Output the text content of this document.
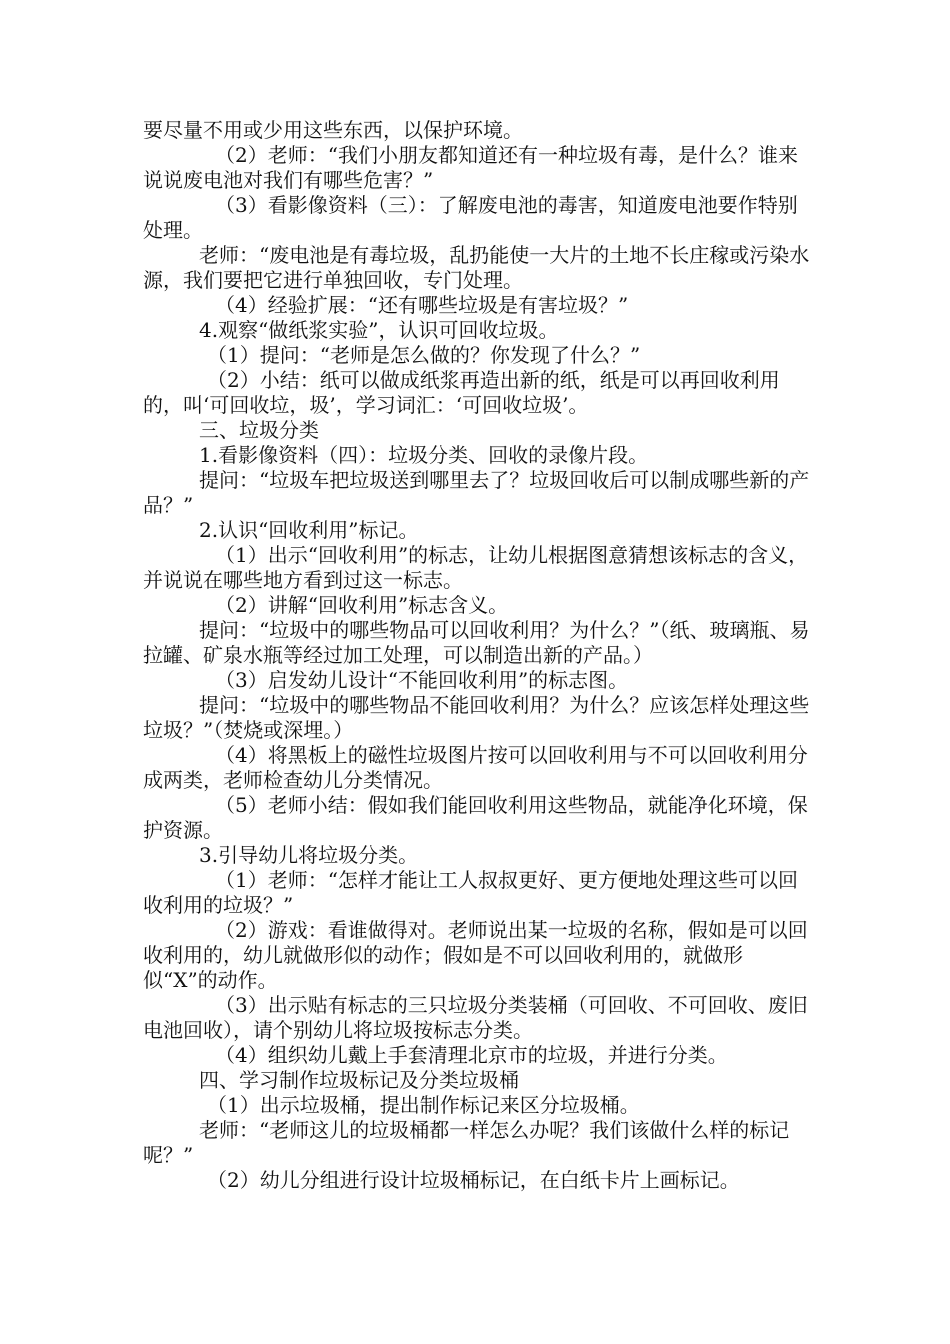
要尽量不用或少用这些东西，以保护环境。

（2）老师：“我们小朋友都知道还有一种垃圾有毒，是什么？谁来说说废电池对我们有哪些危害？”

（3）看影像资料（三）：了解废电池的毒害，知道废电池要作特别处理。

老师：“废电池是有毒垃圾，乱扔能使一大片的土地不长庄稼或污染水源，我们要把它进行单独回收，专门处理。

（4）经验扩展：“还有哪些垃圾是有害垃圾？”

4.观察“做纸浆实验”，认识可回收垃圾。

（1）提问：“老师是怎么做的？你发现了什么？”

（2）小结：纸可以做成纸浆再造出新的纸，纸是可以再回收利用的，叫‘可回收垃，圾’，学习词汇：‘可回收垃圾’。

三、垃圾分类

1.看影像资料（四）：垃圾分类、回收的录像片段。

提问：“垃圾车把垃圾送到哪里去了？垃圾回收后可以制成哪些新的产品？”

2.认识“回收利用”标记。

（1）出示“回收利用”的标志，让幼儿根据图意猜想该标志的含义，并说说在哪些地方看到过这一标志。

（2）讲解“回收利用”标志含义。

提问：“垃圾中的哪些物品可以回收利用？为什么？”（纸、玻璃瓶、易拉罐、矿泉水瓶等经过加工处理，可以制造出新的产品。）

（3）启发幼儿设计“不能回收利用”的标志图。

提问：“垃圾中的哪些物品不能回收利用？为什么？应该怎样处理这些垃圾？”（焚烧或深埋。）

（4）将黑板上的磁性垃圾图片按可以回收利用与不可以回收利用分成两类，老师检查幼儿分类情况。

（5）老师小结：假如我们能回收利用这些物品，就能净化环境，保护资源。

3.引导幼儿将垃圾分类。

（1）老师：“怎样才能让工人叔叔更好、更方便地处理这些可以回收利用的垃圾？”

（2）游戏：看谁做得对。老师说出某一垃圾的名称，假如是可以回收利用的，幼儿就做形似的动作；假如是不可以回收利用的，就做形似“X”的动作。

（3）出示贴有标志的三只垃圾分类装桶（可回收、不可回收、废旧电池回收），请个别幼儿将垃圾按标志分类。

（4）组织幼儿戴上手套清理北京市的垃圾，并进行分类。

四、学习制作垃圾标记及分类垃圾桶

（1）出示垃圾桶，提出制作标记来区分垃圾桶。

老师：“老师这儿的垃圾桶都一样怎么办呢？我们该做什么样的标记呢？”

（2）幼儿分组进行设计垃圾桶标记，在白纸卡片上画标记。
